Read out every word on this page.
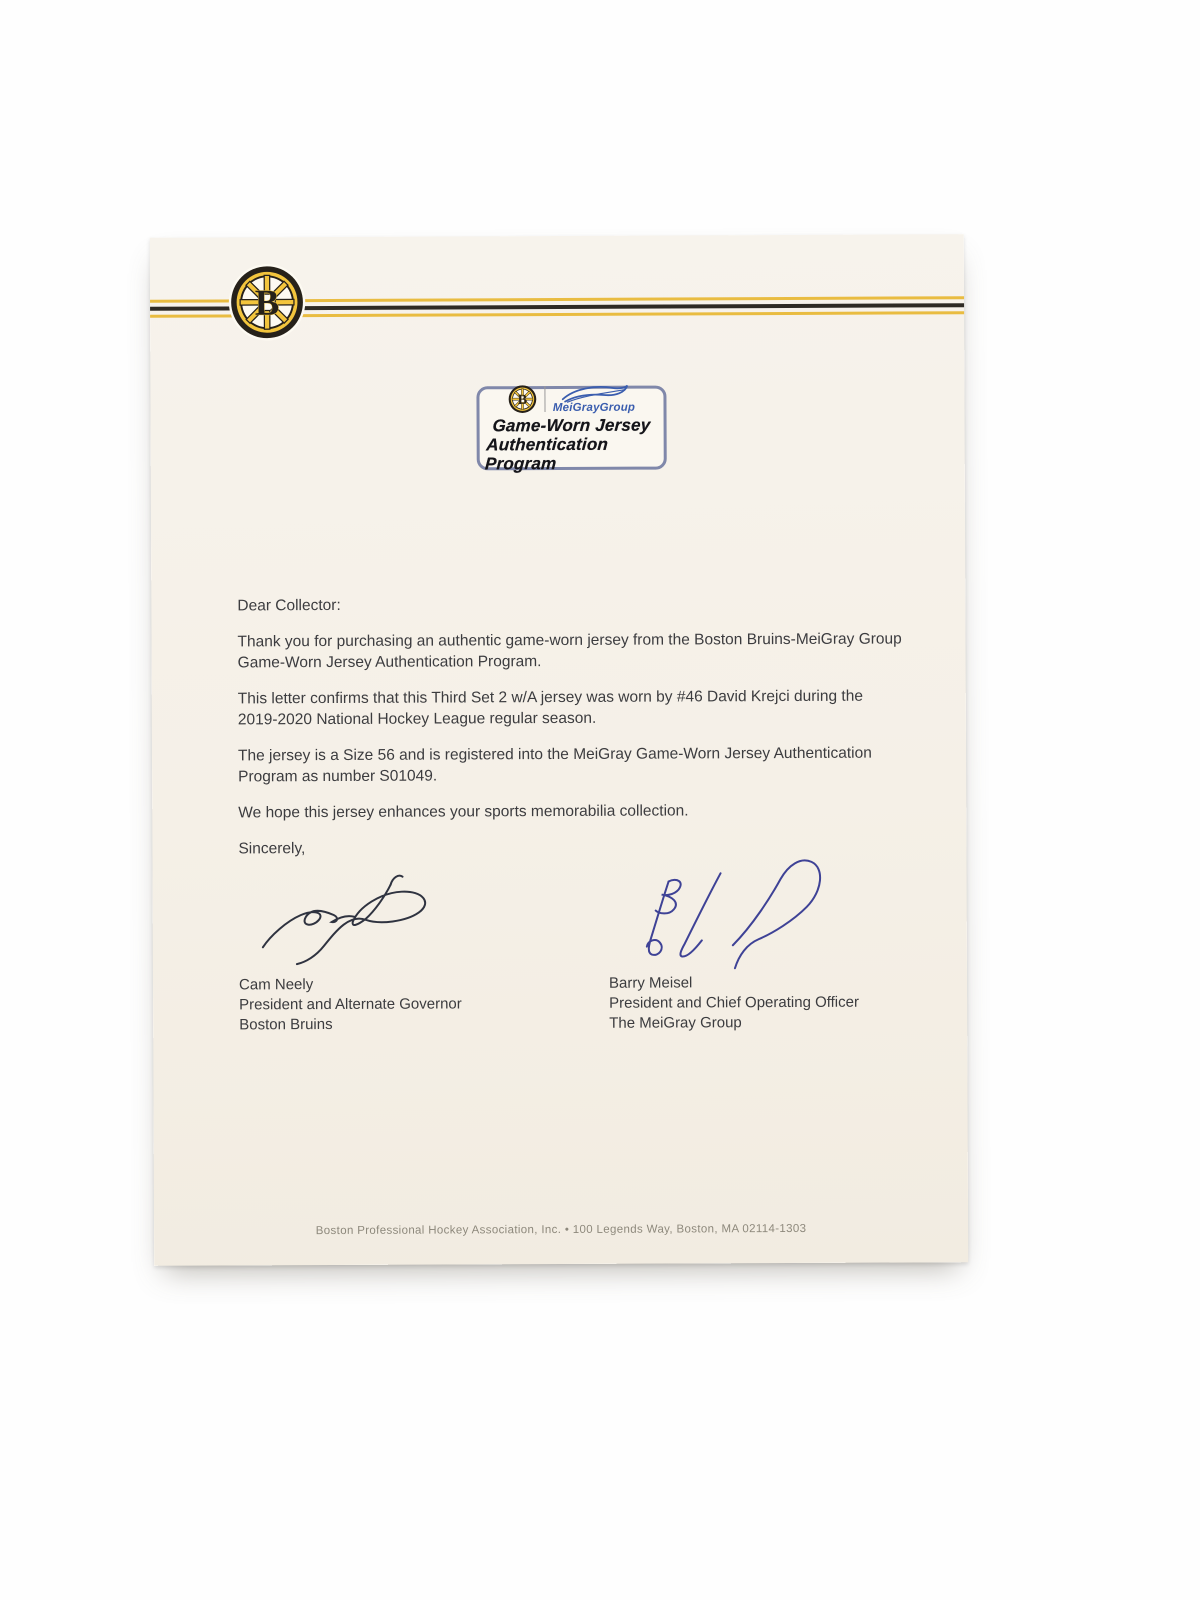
B
B MeiGrayGroup
Game-Worn Jersey
Authentication Program

Dear Collector:

Thank you for purchasing an authentic game-worn jersey from the Boston Bruins-MeiGray Group Game-Worn Jersey Authentication Program.

This letter confirms that this Third Set 2 w/A jersey was worn by #46 David Krejci during the 2019-2020 National Hockey League regular season.

The jersey is a Size 56 and is registered into the MeiGray Game-Worn Jersey Authentication Program as number S01049.

We hope this jersey enhances your sports memorabilia collection.

Sincerely,

Cam Neely
President and Alternate Governor
Boston Bruins
Barry Meisel
President and Chief Operating Officer
The MeiGray Group
Boston Professional Hockey Association, Inc. • 100 Legends Way, Boston, MA 02114-1303
